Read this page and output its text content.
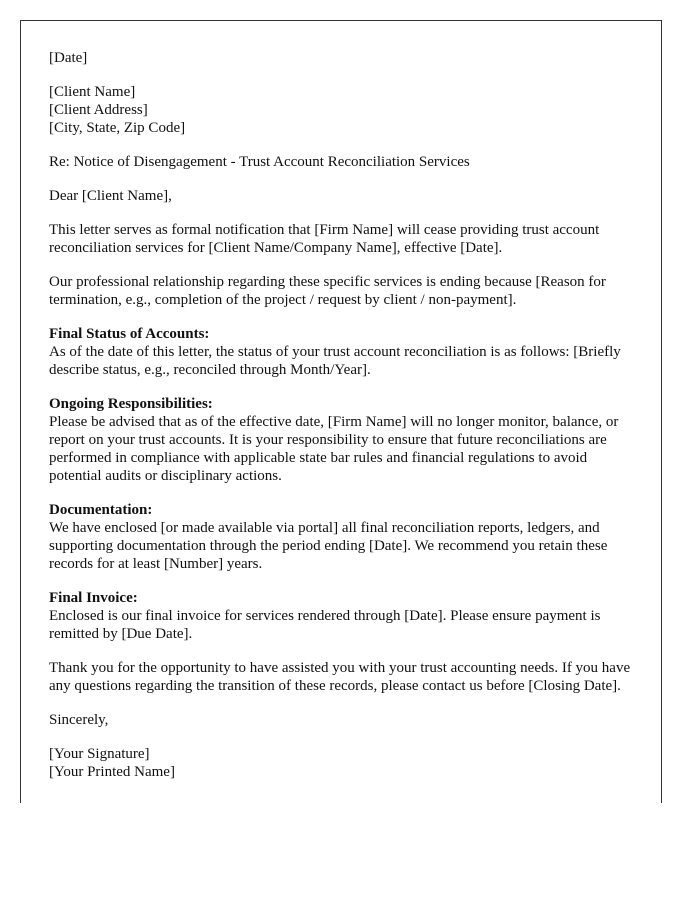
[Date]

[Client Name]
[Client Address]
[City, State, Zip Code]

Re: Notice of Disengagement - Trust Account Reconciliation Services

Dear [Client Name],

This letter serves as formal notification that [Firm Name] will cease providing trust account reconciliation services for [Client Name/Company Name], effective [Date].

Our professional relationship regarding these specific services is ending because [Reason for termination, e.g., completion of the project / request by client / non-payment].

Final Status of Accounts:
As of the date of this letter, the status of your trust account reconciliation is as follows: [Briefly describe status, e.g., reconciled through Month/Year].

Ongoing Responsibilities:
Please be advised that as of the effective date, [Firm Name] will no longer monitor, balance, or report on your trust accounts. It is your responsibility to ensure that future reconciliations are performed in compliance with applicable state bar rules and financial regulations to avoid potential audits or disciplinary actions.

Documentation:
We have enclosed [or made available via portal] all final reconciliation reports, ledgers, and supporting documentation through the period ending [Date]. We recommend you retain these records for at least [Number] years.

Final Invoice:
Enclosed is our final invoice for services rendered through [Date]. Please ensure payment is remitted by [Due Date].

Thank you for the opportunity to have assisted you with your trust accounting needs. If you have any questions regarding the transition of these records, please contact us before [Closing Date].

Sincerely,

[Your Signature]
[Your Printed Name]
